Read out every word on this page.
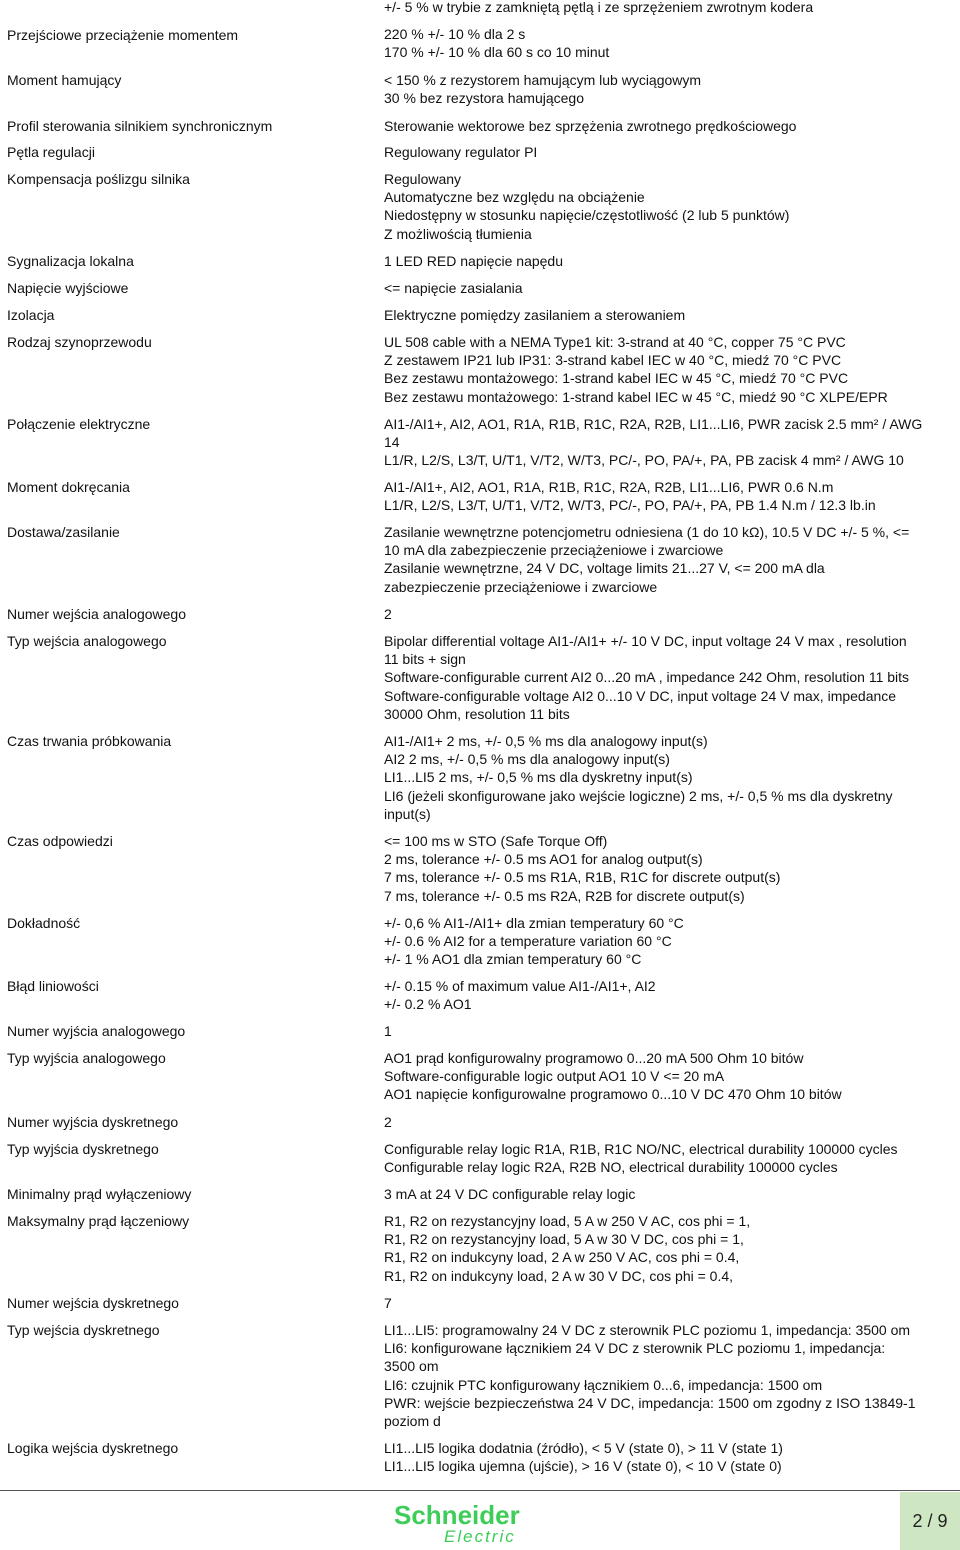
+/- 5 % w trybie z zamkniętą pętlą i ze sprzężeniem zwrotnym kodera
Przejściowe przeciążenie momentem	220 % +/- 10 % dla 2 s
170 % +/- 10 % dla 60 s co 10 minut
Moment hamujący	< 150 % z rezystorem hamującym lub wyciągowym
30 % bez rezystora hamującego
Profil sterowania silnikiem synchronicznym	Sterowanie wektorowe bez sprzężenia zwrotnego prędkościowego
Pętla regulacji	Regulowany regulator PI
Kompensacja poślizgu silnika	Regulowany
Automatyczne bez względu na obciążenie
Niedostępny w stosunku napięcie/częstotliwość (2 lub 5 punktów)
Z możliwością tłumienia
Sygnalizacja lokalna	1 LED RED napięcie napędu
Napięcie wyjściowe	<= napięcie zasialania
Izolacja	Elektryczne pomiędzy zasilaniem a sterowaniem
Rodzaj szynoprzewodu	UL 508 cable with a NEMA Type1 kit: 3-strand at 40 °C, copper 75 °C PVC
Z zestawem IP21 lub IP31: 3-strand kabel IEC w 40 °C, miedź 70 °C PVC
Bez zestawu montażowego: 1-strand kabel IEC w 45 °C, miedź 70 °C PVC
Bez zestawu montażowego: 1-strand kabel IEC w 45 °C, miedź 90 °C XLPE/EPR
Połączenie elektryczne	AI1-/AI1+, AI2, AO1, R1A, R1B, R1C, R2A, R2B, LI1...LI6, PWR zacisk 2.5 mm² / AWG
14
L1/R, L2/S, L3/T, U/T1, V/T2, W/T3, PC/-, PO, PA/+, PA, PB zacisk 4 mm² / AWG 10
Moment dokręcania	AI1-/AI1+, AI2, AO1, R1A, R1B, R1C, R2A, R2B, LI1...LI6, PWR 0.6 N.m
L1/R, L2/S, L3/T, U/T1, V/T2, W/T3, PC/-, PO, PA/+, PA, PB 1.4 N.m / 12.3 lb.in
Dostawa/zasilanie	Zasilanie wewnętrzne potencjometru odniesiena (1 do 10 kΩ), 10.5 V DC +/- 5 %, <=
10 mA dla zabezpieczenie przeciążeniowe i zwarciowe
Zasilanie wewnętrzne, 24 V DC, voltage limits 21...27 V, <= 200 mA dla
zabezpieczenie przeciążeniowe i zwarciowe
Numer wejścia analogowego	2
Typ wejścia analogowego	Bipolar differential voltage AI1-/AI1+ +/- 10 V DC, input voltage 24 V max , resolution
11 bits + sign
Software-configurable current AI2 0...20 mA , impedance 242 Ohm, resolution 11 bits
Software-configurable voltage AI2 0...10 V DC, input voltage 24 V max, impedance
30000 Ohm, resolution 11 bits
Czas trwania próbkowania	AI1-/AI1+ 2 ms, +/- 0,5 % ms dla analogowy input(s)
AI2 2 ms, +/- 0,5 % ms dla analogowy input(s)
LI1...LI5 2 ms, +/- 0,5 % ms dla dyskretny input(s)
LI6 (jeżeli skonfigurowane jako wejście logiczne) 2 ms, +/- 0,5 % ms dla dyskretny
input(s)
Czas odpowiedzi	<= 100 ms w STO (Safe Torque Off)
2 ms, tolerance +/- 0.5 ms AO1 for analog output(s)
7 ms, tolerance +/- 0.5 ms R1A, R1B, R1C for discrete output(s)
7 ms, tolerance +/- 0.5 ms R2A, R2B for discrete output(s)
Dokładność	+/- 0,6 % AI1-/AI1+ dla zmian temperatury 60 °C
+/- 0.6 % AI2 for a temperature variation 60 °C
+/- 1 % AO1 dla zmian temperatury 60 °C
Błąd liniowości	+/- 0.15 % of maximum value AI1-/AI1+, AI2
+/- 0.2 % AO1
Numer wyjścia analogowego	1
Typ wyjścia analogowego	AO1 prąd konfigurowalny programowo 0...20 mA 500 Ohm 10 bitów
Software-configurable logic output AO1 10 V <= 20 mA
AO1 napięcie konfigurowalne programowo 0...10 V DC 470 Ohm 10 bitów
Numer wyjścia dyskretnego	2
Typ wyjścia dyskretnego	Configurable relay logic R1A, R1B, R1C NO/NC, electrical durability 100000 cycles
Configurable relay logic R2A, R2B NO, electrical durability 100000 cycles
Minimalny prąd wyłączeniowy	3 mA at 24 V DC configurable relay logic
Maksymalny prąd łączeniowy	R1, R2 on rezystancyjny load, 5 A w 250 V AC, cos phi = 1,
R1, R2 on rezystancyjny load, 5 A w 30 V DC, cos phi = 1,
R1, R2 on indukcyny load, 2 A w 250 V AC, cos phi = 0.4,
R1, R2 on indukcyny load, 2 A w 30 V DC, cos phi = 0.4,
Numer wejścia dyskretnego	7
Typ wejścia dyskretnego	LI1...LI5: programowalny 24 V DC z sterownik PLC poziomu 1, impedancja: 3500 om
LI6: konfigurowane łącznikiem 24 V DC z sterownik PLC poziomu 1, impedancja:
3500 om
LI6: czujnik PTC konfigurowany łącznikiem 0...6, impedancja: 1500 om
PWR: wejście bezpieczeństwa 24 V DC, impedancja: 1500 om zgodny z ISO 13849-1
poziom d
Logika wejścia dyskretnego	LI1...LI5 logika dodatnia (źródło), < 5 V (state 0), > 11 V (state 1)
LI1...LI5 logika ujemna (ujście), > 16 V (state 0), < 10 V (state 0)
Schneider
Electric
2 / 9
